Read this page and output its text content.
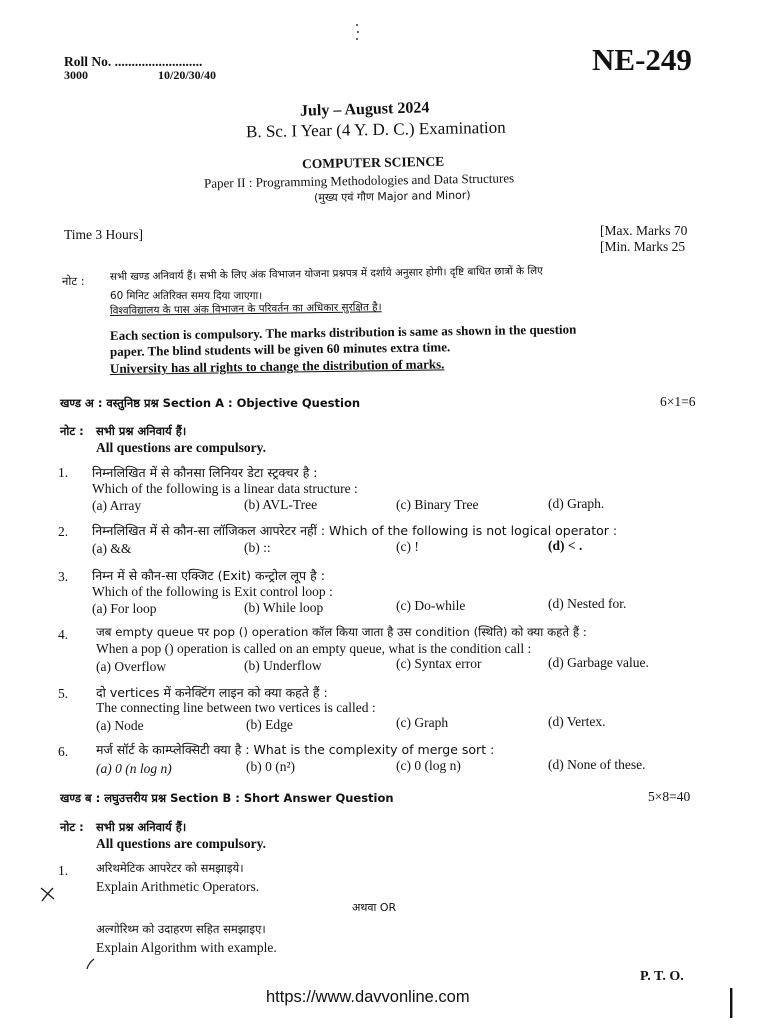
Roll No. ..........................
3000	10/20/30/40	NE-249
July – August 2024
B. Sc. I Year (4 Y. D. C.) Examination
COMPUTER SCIENCE
Paper II : Programming Methodologies and Data Structures
(मुख्य एवं गौण Major and Minor)
Time 3 Hours]	[Max. Marks 70
[Min. Marks 25
नोट : सभी खण्ड अनिवार्य हैं। सभी के लिए अंक विभाजन योजना प्रश्नपत्र में दर्शाये अनुसार होगी। दृष्टि बाधित छात्रों के लिए
60 मिनिट अतिरिक्त समय दिया जाएगा।
विश्वविद्यालय के पास अंक विभाजन के परिवर्तन का अधिकार सुरक्षित है।
Each section is compulsory. The marks distribution is same as shown in the question
paper. The blind students will be given 60 minutes extra time.
University has all rights to change the distribution of marks.
खण्ड अ : वस्तुनिष्ठ प्रश्न Section A : Objective Question	6×1=6
नोट : सभी प्रश्न अनिवार्य हैं।
All questions are compulsory.
1. निम्नलिखित में से कौनसा लिनियर डेटा स्ट्रक्चर है :
Which of the following is a linear data structure :
(a) Array	(b) AVL-Tree	(c) Binary Tree	(d) Graph.
2. निम्नलिखित में से कौन-सा लॉजिकल आपरेटर नहीं : Which of the following is not logical operator :
(a) &&	(b) ::	(c) !	(d) < .
3. निम्न में से कौन-सा एक्जिट (Exit) कन्ट्रोल लूप है :
Which of the following is Exit control loop :
(a) For loop	(b) While loop	(c) Do-while	(d) Nested for.
4. जब empty queue पर pop () operation कॉल किया जाता है उस condition (स्थिति) को क्या कहते हैं :
When a pop () operation is called on an empty queue, what is the condition call :
(a) Overflow	(b) Underflow	(c) Syntax error	(d) Garbage value.
5. दो vertices में कनेक्टिंग लाइन को क्या कहते हैं :
The connecting line between two vertices is called :
(a) Node	(b) Edge	(c) Graph	(d) Vertex.
6. मर्ज सॉर्ट के काम्प्लेक्सिटी क्या है : What is the complexity of merge sort :
(a) 0 (n log n)	(b) 0 (n²)	(c) 0 (log n)	(d) None of these.
खण्ड ब : लघुउत्तरीय प्रश्न Section B : Short Answer Question	5×8=40
नोट : सभी प्रश्न अनिवार्य हैं।
All questions are compulsory.
1. अरिथमेटिक आपरेटर को समझाइये।
Explain Arithmetic Operators.
अथवा OR
अल्गोरिथ्म को उदाहरण सहित समझाइए।
Explain Algorithm with example.
P. T. O.
https://www.davvonline.com
